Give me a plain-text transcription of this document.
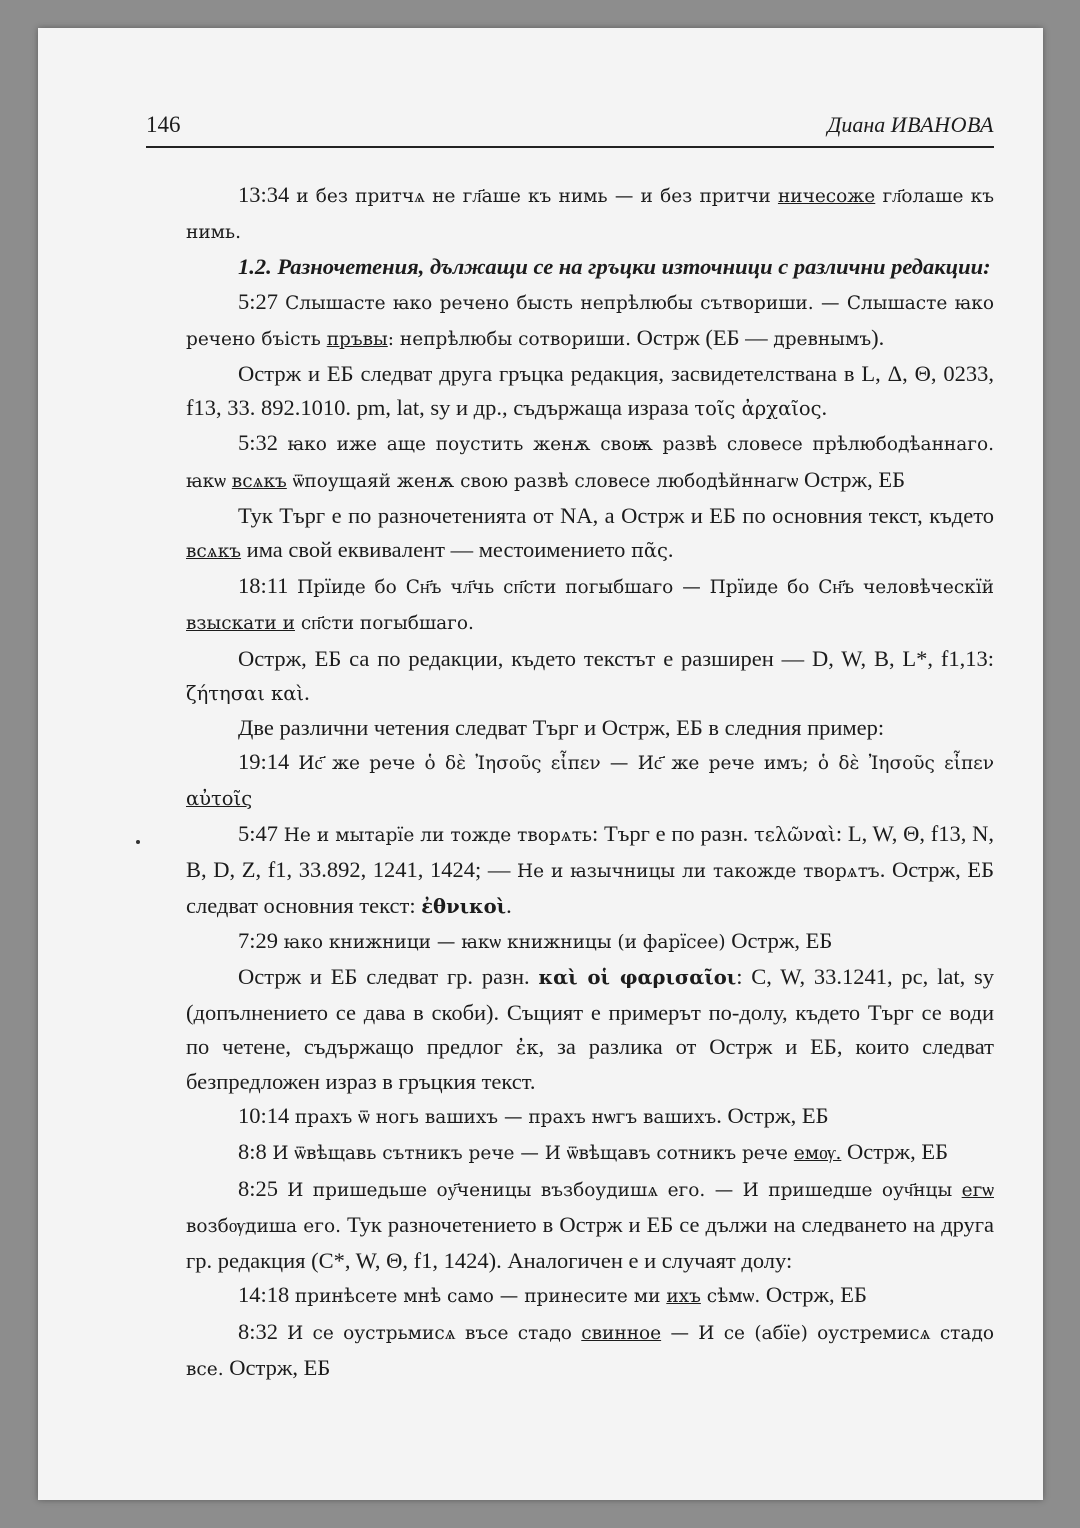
146	Диана ИВАНОВА

13:34 и без притчѧ не гл҃аше къ нимь — и без притчи ничесоже гл҃олаше къ нимь.

1.2. Разночетения, дължащи се на гръцки източници с различни редакции:

5:27 Слышасте ꙗко речено бысть непрѣлюбы сътвориши. — Слышасте ꙗко речено бъість пръвы: непрѣлюбы сотвориши. Острж (ЕБ — древнымъ).

Острж и ЕБ следват друга гръцка редакция, засвидетелствана в L, Δ, Θ, 0233, f13, 33. 892.1010. pm, lat, sy и др., съдържаща израза τοῖς ἀρχαῖος.

5:32 ꙗко иже аще поустить женѫ своѭ развѣ словесе прѣлюбодѣаннаго. ꙗкѡ всѧкъ ѿпоущаяй женѫ свою развѣ словесе любодѣйннагѡ Острж, ЕБ

Тук Тъpг е по разночетенията от NA, а Острж и ЕБ по основния текст, където всѧкъ има свой еквивалент — местоимението πᾶς.

18:11 Прїиде бо Сн҃ъ чл҃чь сп҃сти погыбшаго — Прїиде бо Сн҃ъ человѣческїй взыскати и сп҃сти погыбшаго.

Острж, ЕБ са по редакции, където текстът е разширен — D, W, B, L*, f1,13: ζήτησαι καὶ.

Две различни четения следват Тъpг и Острж, ЕБ в следния пример:

19:14 Ис҃ же рече ὁ δὲ Ἰησοῦς εἶπεν — Ис҃ же рече имъ; ὁ δὲ Ἰησοῦς εἶπεν αὐτοῖς

5:47 Не и мытарїе ли тожде творѧть: Тъpг е по разн. τελῶναὶ: L, W, Θ, f13, N, B, D, Z, f1, 33.892, 1241, 1424; — Не и ꙗзычницы ли такожде творѧтъ. Острж, ЕБ следват основния текст: ἐθνικοὶ.

7:29 ꙗко книжници — ꙗкѡ книжницы (и фарїсее) Острж, ЕБ

Острж и ЕБ следват гр. разн. καὶ οἱ φαρισαῖοι: C, W, 33.1241, pc, lat, sy (допълнението се дава в скоби). Същият е примерът по-долу, където Тъpг се води по четене, съдържащо предлог ἐκ, за разлика от Острж и ЕБ, които следват безпредложен израз в гръцкия текст.

10:14 прахъ ѿ ногь вашихъ — прахъ нѡгъ вашихъ. Острж, ЕБ

8:8 И ѿвѣщавь сътникъ рече — И ѿвѣщавъ сотникъ рече емѹ. Острж, ЕБ

8:25 И пришедьше оу҃ченицы възбоудишѧ его. — И пришедше оуч҃нцы егѡ возбѹдиша его. Тук разночетението в Острж и ЕБ се дължи на следването на друга гр. редакция (C*, W, Θ, f1, 1424). Аналогичен е и случаят долу:

14:18 принѣсете мнѣ само — принесите ми ихъ сѣмѡ. Острж, ЕБ

8:32 И се оустрьмисѧ въсе стадо свинное — И се (абїе) оустремисѧ стадо все. Острж, ЕБ
